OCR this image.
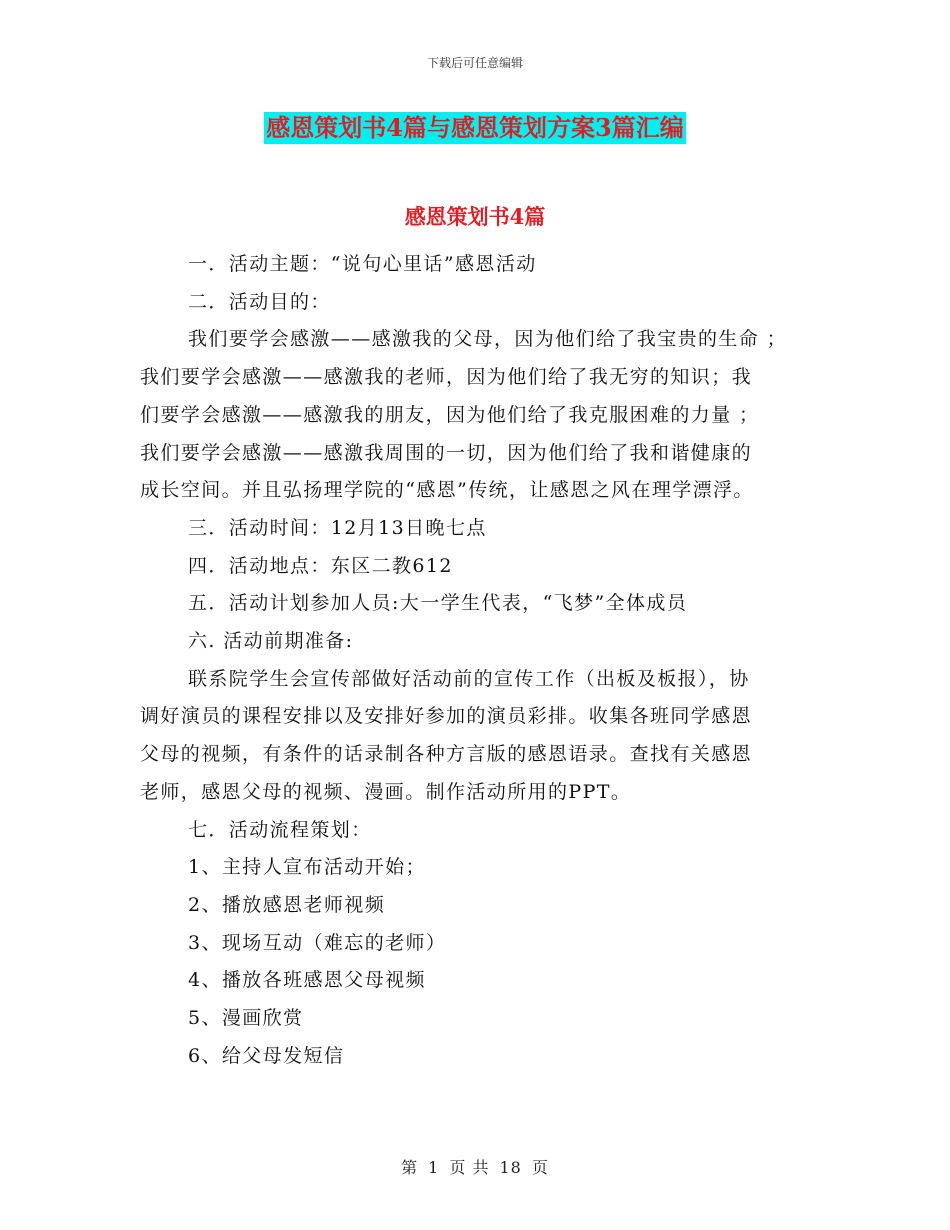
下载后可任意编辑
感恩策划书4篇与感恩策划方案3篇汇编
感恩策划书4篇

一．活动主题：“说句心里话”感恩活动

二．活动目的：

我们要学会感激——感激我的父母，因为他们给了我宝贵的生命 ；

我们要学会感激——感激我的老师，因为他们给了我无穷的知识；我

们要学会感激——感激我的朋友，因为他们给了我克服困难的力量 ；

我们要学会感激——感激我周围的一切，因为他们给了我和谐健康的

成长空间。并且弘扬理学院的“感恩”传统，让感恩之风在理学漂浮。

三．活动时间：12月13日晚七点

四．活动地点：东区二教612

五．活动计划参加人员:大一学生代表，“飞梦”全体成员

六. 活动前期准备:

联系院学生会宣传部做好活动前的宣传工作（出板及板报），协

调好演员的课程安排以及安排好参加的演员彩排。收集各班同学感恩

父母的视频，有条件的话录制各种方言版的感恩语录。查找有关感恩

老师，感恩父母的视频、漫画。制作活动所用的PPT。

七．活动流程策划：

1、主持人宣布活动开始；

2、播放感恩老师视频

3、现场互动（难忘的老师）

4、播放各班感恩父母视频

5、漫画欣赏

6、给父母发短信

第 1 页 共 18 页
